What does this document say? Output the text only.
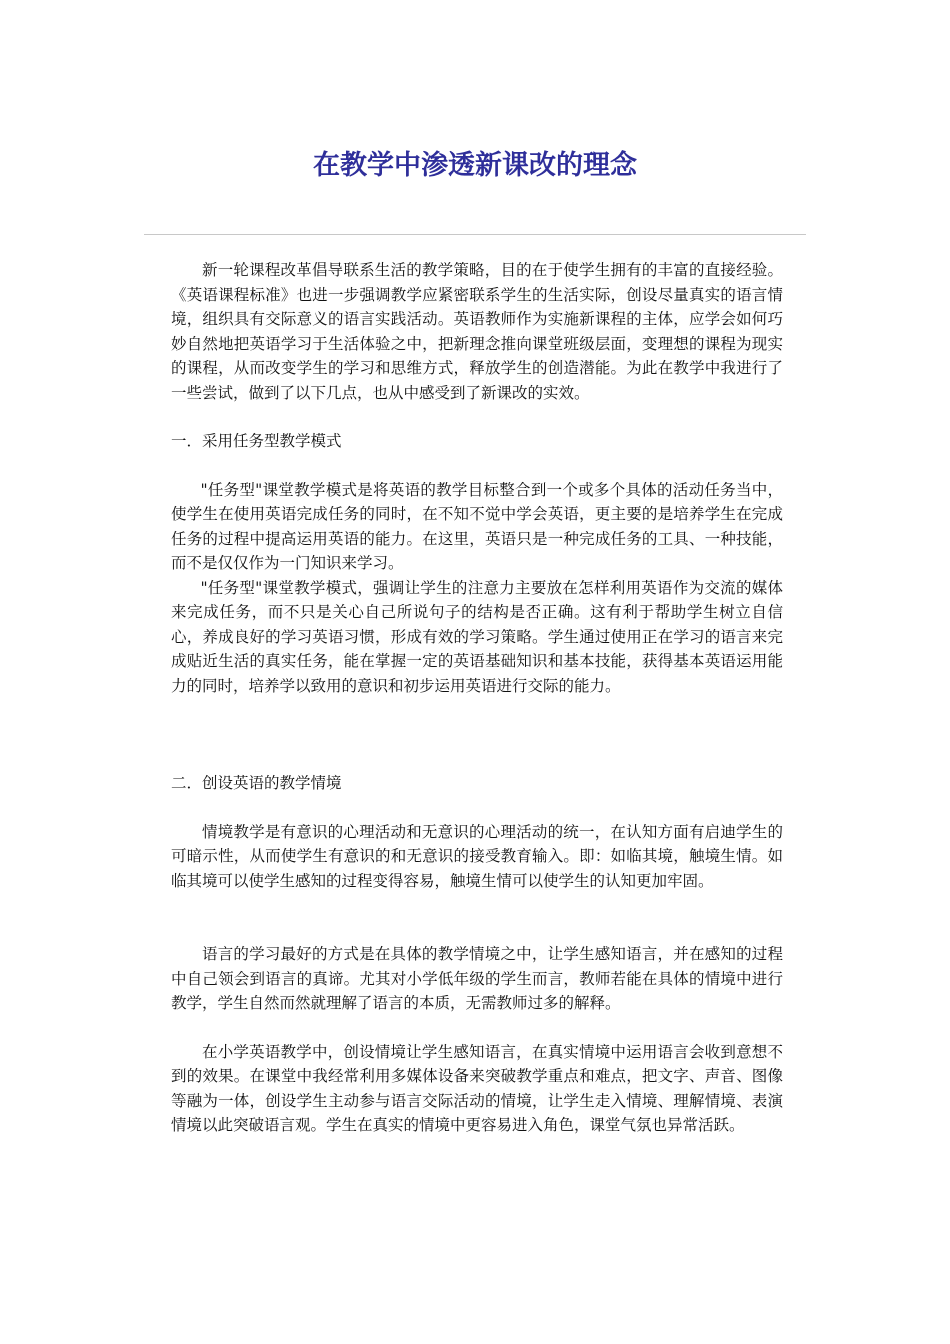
在教学中渗透新课改的理念

新一轮课程改革倡导联系生活的教学策略，目的在于使学生拥有的丰富的直接经验。《英语课程标准》也进一步强调教学应紧密联系学生的生活实际，创设尽量真实的语言情境，组织具有交际意义的语言实践活动。英语教师作为实施新课程的主体，应学会如何巧妙自然地把英语学习于生活体验之中，把新理念推向课堂班级层面，变理想的课程为现实的课程，从而改变学生的学习和思维方式，释放学生的创造潜能。为此在教学中我进行了一些尝试，做到了以下几点，也从中感受到了新课改的实效。

一．采用任务型教学模式

"任务型"课堂教学模式是将英语的教学目标整合到一个或多个具体的活动任务当中，使学生在使用英语完成任务的同时，在不知不觉中学会英语，更主要的是培养学生在完成任务的过程中提高运用英语的能力。在这里，英语只是一种完成任务的工具、一种技能，而不是仅仅作为一门知识来学习。

"任务型"课堂教学模式，强调让学生的注意力主要放在怎样利用英语作为交流的媒体来完成任务，而不只是关心自己所说句子的结构是否正确。这有利于帮助学生树立自信心，养成良好的学习英语习惯，形成有效的学习策略。学生通过使用正在学习的语言来完成贴近生活的真实任务，能在掌握一定的英语基础知识和基本技能，获得基本英语运用能力的同时，培养学以致用的意识和初步运用英语进行交际的能力。

二．创设英语的教学情境

情境教学是有意识的心理活动和无意识的心理活动的统一，在认知方面有启迪学生的可暗示性，从而使学生有意识的和无意识的接受教育输入。即：如临其境，触境生情。如临其境可以使学生感知的过程变得容易，触境生情可以使学生的认知更加牢固。

语言的学习最好的方式是在具体的教学情境之中，让学生感知语言，并在感知的过程中自己领会到语言的真谛。尤其对小学低年级的学生而言，教师若能在具体的情境中进行教学，学生自然而然就理解了语言的本质，无需教师过多的解释。

在小学英语教学中，创设情境让学生感知语言，在真实情境中运用语言会收到意想不到的效果。在课堂中我经常利用多媒体设备来突破教学重点和难点，把文字、声音、图像等融为一体，创设学生主动参与语言交际活动的情境，让学生走入情境、理解情境、表演情境以此突破语言观。学生在真实的情境中更容易进入角色，课堂气氛也异常活跃。
